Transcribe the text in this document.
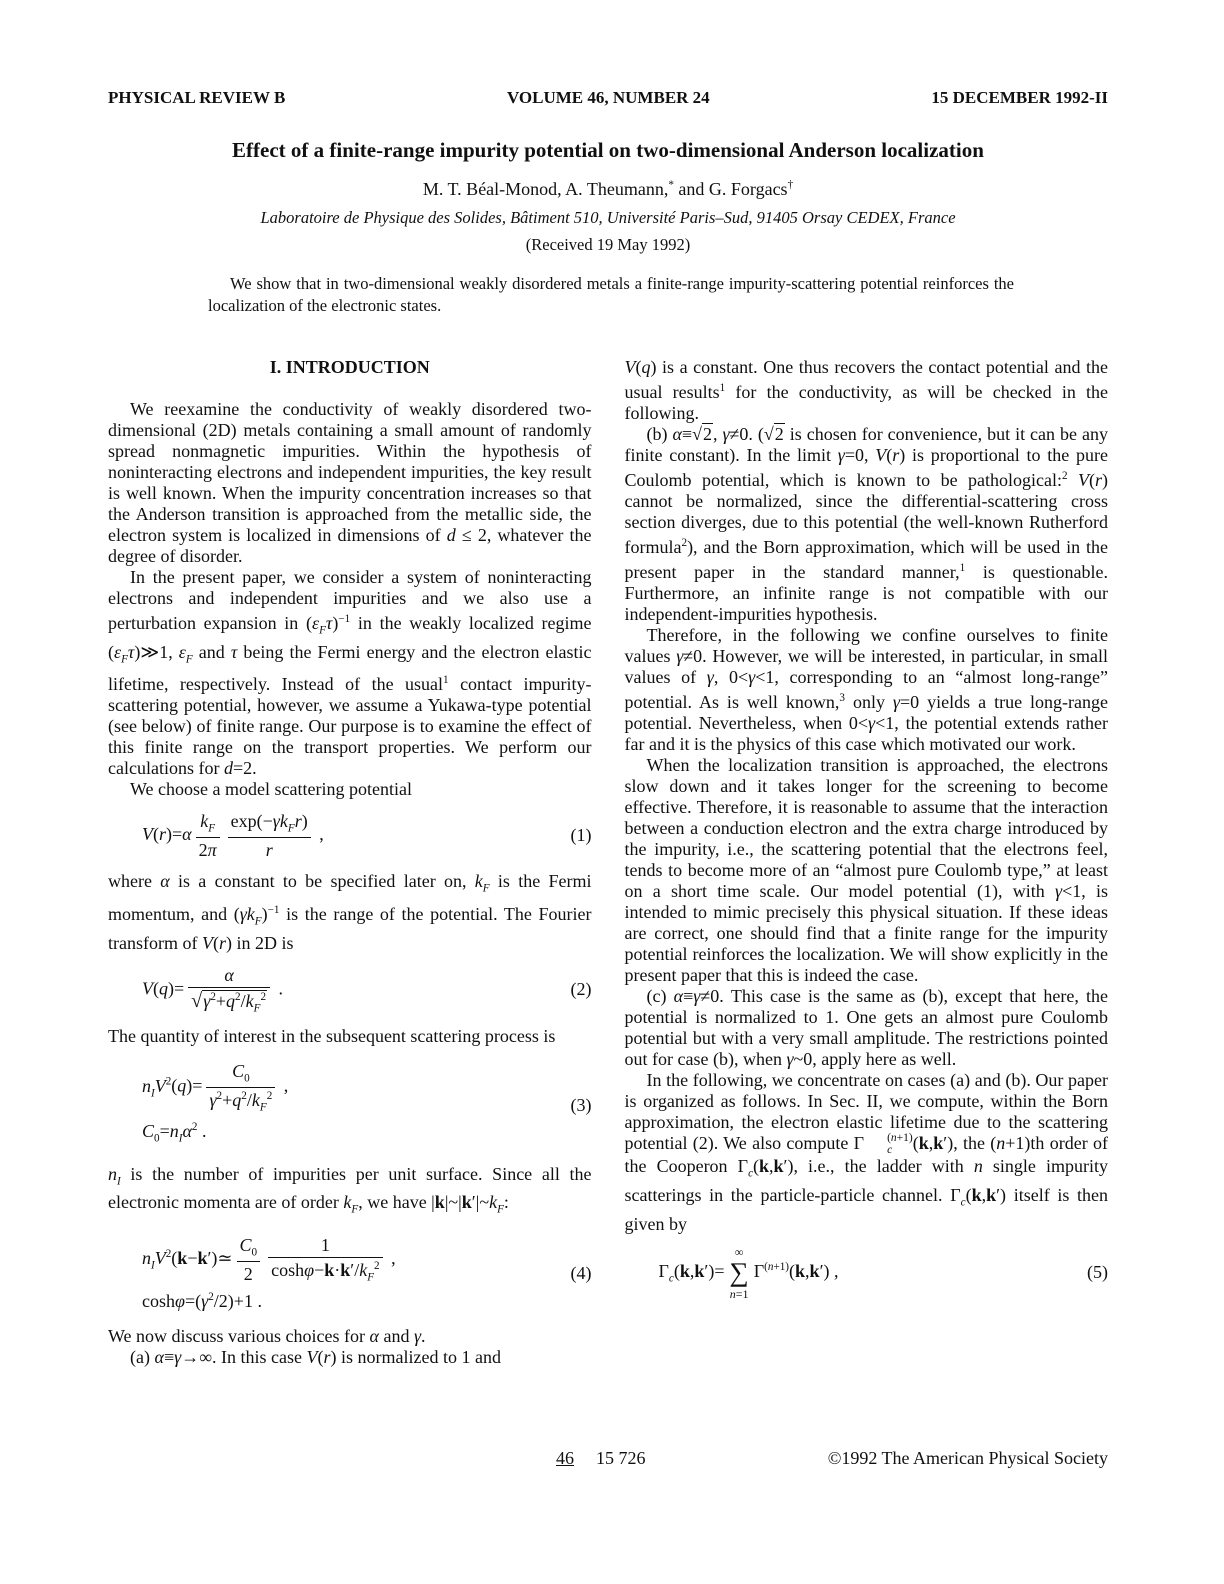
PHYSICAL REVIEW B	VOLUME 46, NUMBER 24	15 DECEMBER 1992-II
Effect of a finite-range impurity potential on two-dimensional Anderson localization
M. T. Béal-Monod, A. Theumann,* and G. Forgacs†
Laboratoire de Physique des Solides, Bâtiment 510, Université Paris–Sud, 91405 Orsay CEDEX, France
(Received 19 May 1992)

We show that in two-dimensional weakly disordered metals a finite-range impurity-scattering potential reinforces the localization of the electronic states.

I. INTRODUCTION

We reexamine the conductivity of weakly disordered two-dimensional (2D) metals containing a small amount of randomly spread nonmagnetic impurities. Within the hypothesis of noninteracting electrons and independent impurities, the key result is well known. When the impurity concentration increases so that the Anderson transition is approached from the metallic side, the electron system is localized in dimensions of d ≤ 2, whatever the degree of disorder.

In the present paper, we consider a system of noninteracting electrons and independent impurities and we also use a perturbation expansion in $(\varepsilon_F\tau)^{-1}$ in the weakly localized regime $(\varepsilon_F\tau)≫1$, $\varepsilon_F$ and τ being the Fermi energy and the electron elastic lifetime, respectively. Instead of the usual$^1$ contact impurity-scattering potential, however, we assume a Yukawa-type potential (see below) of finite range. Our purpose is to examine the effect of this finite range on the transport properties. We perform our calculations for d=2.

We choose a model scattering potential

$V(r)=\alpha \frac{k_F}{2\pi} \frac{\exp(-\gamma k_Fr)}{r}$ ,	(1)

where α is a constant to be specified later on, $k_F$ is the Fermi momentum, and $(\gamma k_F)^{-1}$ is the range of the potential. The Fourier transform of V(r) in 2D is

$V(q)= \frac{\alpha}{√\gamma^2+q^2/k_F^2}$ .	(2)

The quantity of interest in the subsequent scattering process is

$n_IV^2(q)= \frac{C_0}{\gamma^2+q^2/k_F^2}$ ,
$C_0=n_I\alpha^2$ .
(3)

$n_I$ is the number of impurities per unit surface. Since all the electronic momenta are of order $k_F$, we have $|k|\sim|k'|\sim k_F$:

$n_IV^2(k-k')≃ \frac{C_0}{2} \frac{1}{\cosh\varphi-k\cdot k'/k_F^2}$ ,
$\cosh\varphi=(\gamma^2/2)+1$ .
(4)

We now discuss various choices for α and γ.

(a) α≡γ→∞. In this case V(r) is normalized to 1 and

V(q) is a constant. One thus recovers the contact potential and the usual results$^1$ for the conductivity, as will be checked in the following.

(b) α≡√2, γ≠0. (√2 is chosen for convenience, but it can be any finite constant). In the limit γ=0, V(r) is proportional to the pure Coulomb potential, which is known to be pathological:$^2$ V(r) cannot be normalized, since the differential-scattering cross section diverges, due to this potential (the well-known Rutherford formula$^2$), and the Born approximation, which will be used in the present paper in the standard manner,$^1$ is questionable. Furthermore, an infinite range is not compatible with our independent-impurities hypothesis.

Therefore, in the following we confine ourselves to finite values γ≠0. However, we will be interested, in particular, in small values of γ, 0<γ<1, corresponding to an “almost long-range” potential. As is well known,$^3$ only γ=0 yields a true long-range potential. Nevertheless, when 0<γ<1, the potential extends rather far and it is the physics of this case which motivated our work.

When the localization transition is approached, the electrons slow down and it takes longer for the screening to become effective. Therefore, it is reasonable to assume that the interaction between a conduction electron and the extra charge introduced by the impurity, i.e., the scattering potential that the electrons feel, tends to become more of an “almost pure Coulomb type,” at least on a short time scale. Our model potential (1), with γ<1, is intended to mimic precisely this physical situation. If these ideas are correct, one should find that a finite range for the impurity potential reinforces the localization. We will show explicitly in the present paper that this is indeed the case.

(c) α≡γ≠0. This case is the same as (b), except that here, the potential is normalized to 1. One gets an almost pure Coulomb potential but with a very small amplitude. The restrictions pointed out for case (b), when γ~0, apply here as well.

In the following, we concentrate on cases (a) and (b). Our paper is organized as follows. In Sec. II, we compute, within the Born approximation, the electron elastic lifetime due to the scattering potential (2). We also compute Γ	(n+1)
c (k,k′), the (n+1)th order of the Cooperon $\Gamma_c(k,k')$, i.e., the ladder with n single impurity scatterings in the particle-particle channel. $\Gamma_c(k,k')$ itself is then given by

$\Gamma_c(k,k')=$
∞
∑
n=1
$\Gamma^{(n+1)}(k,k')$ ,	(5)
46 15 726	©1992 The American Physical Society
